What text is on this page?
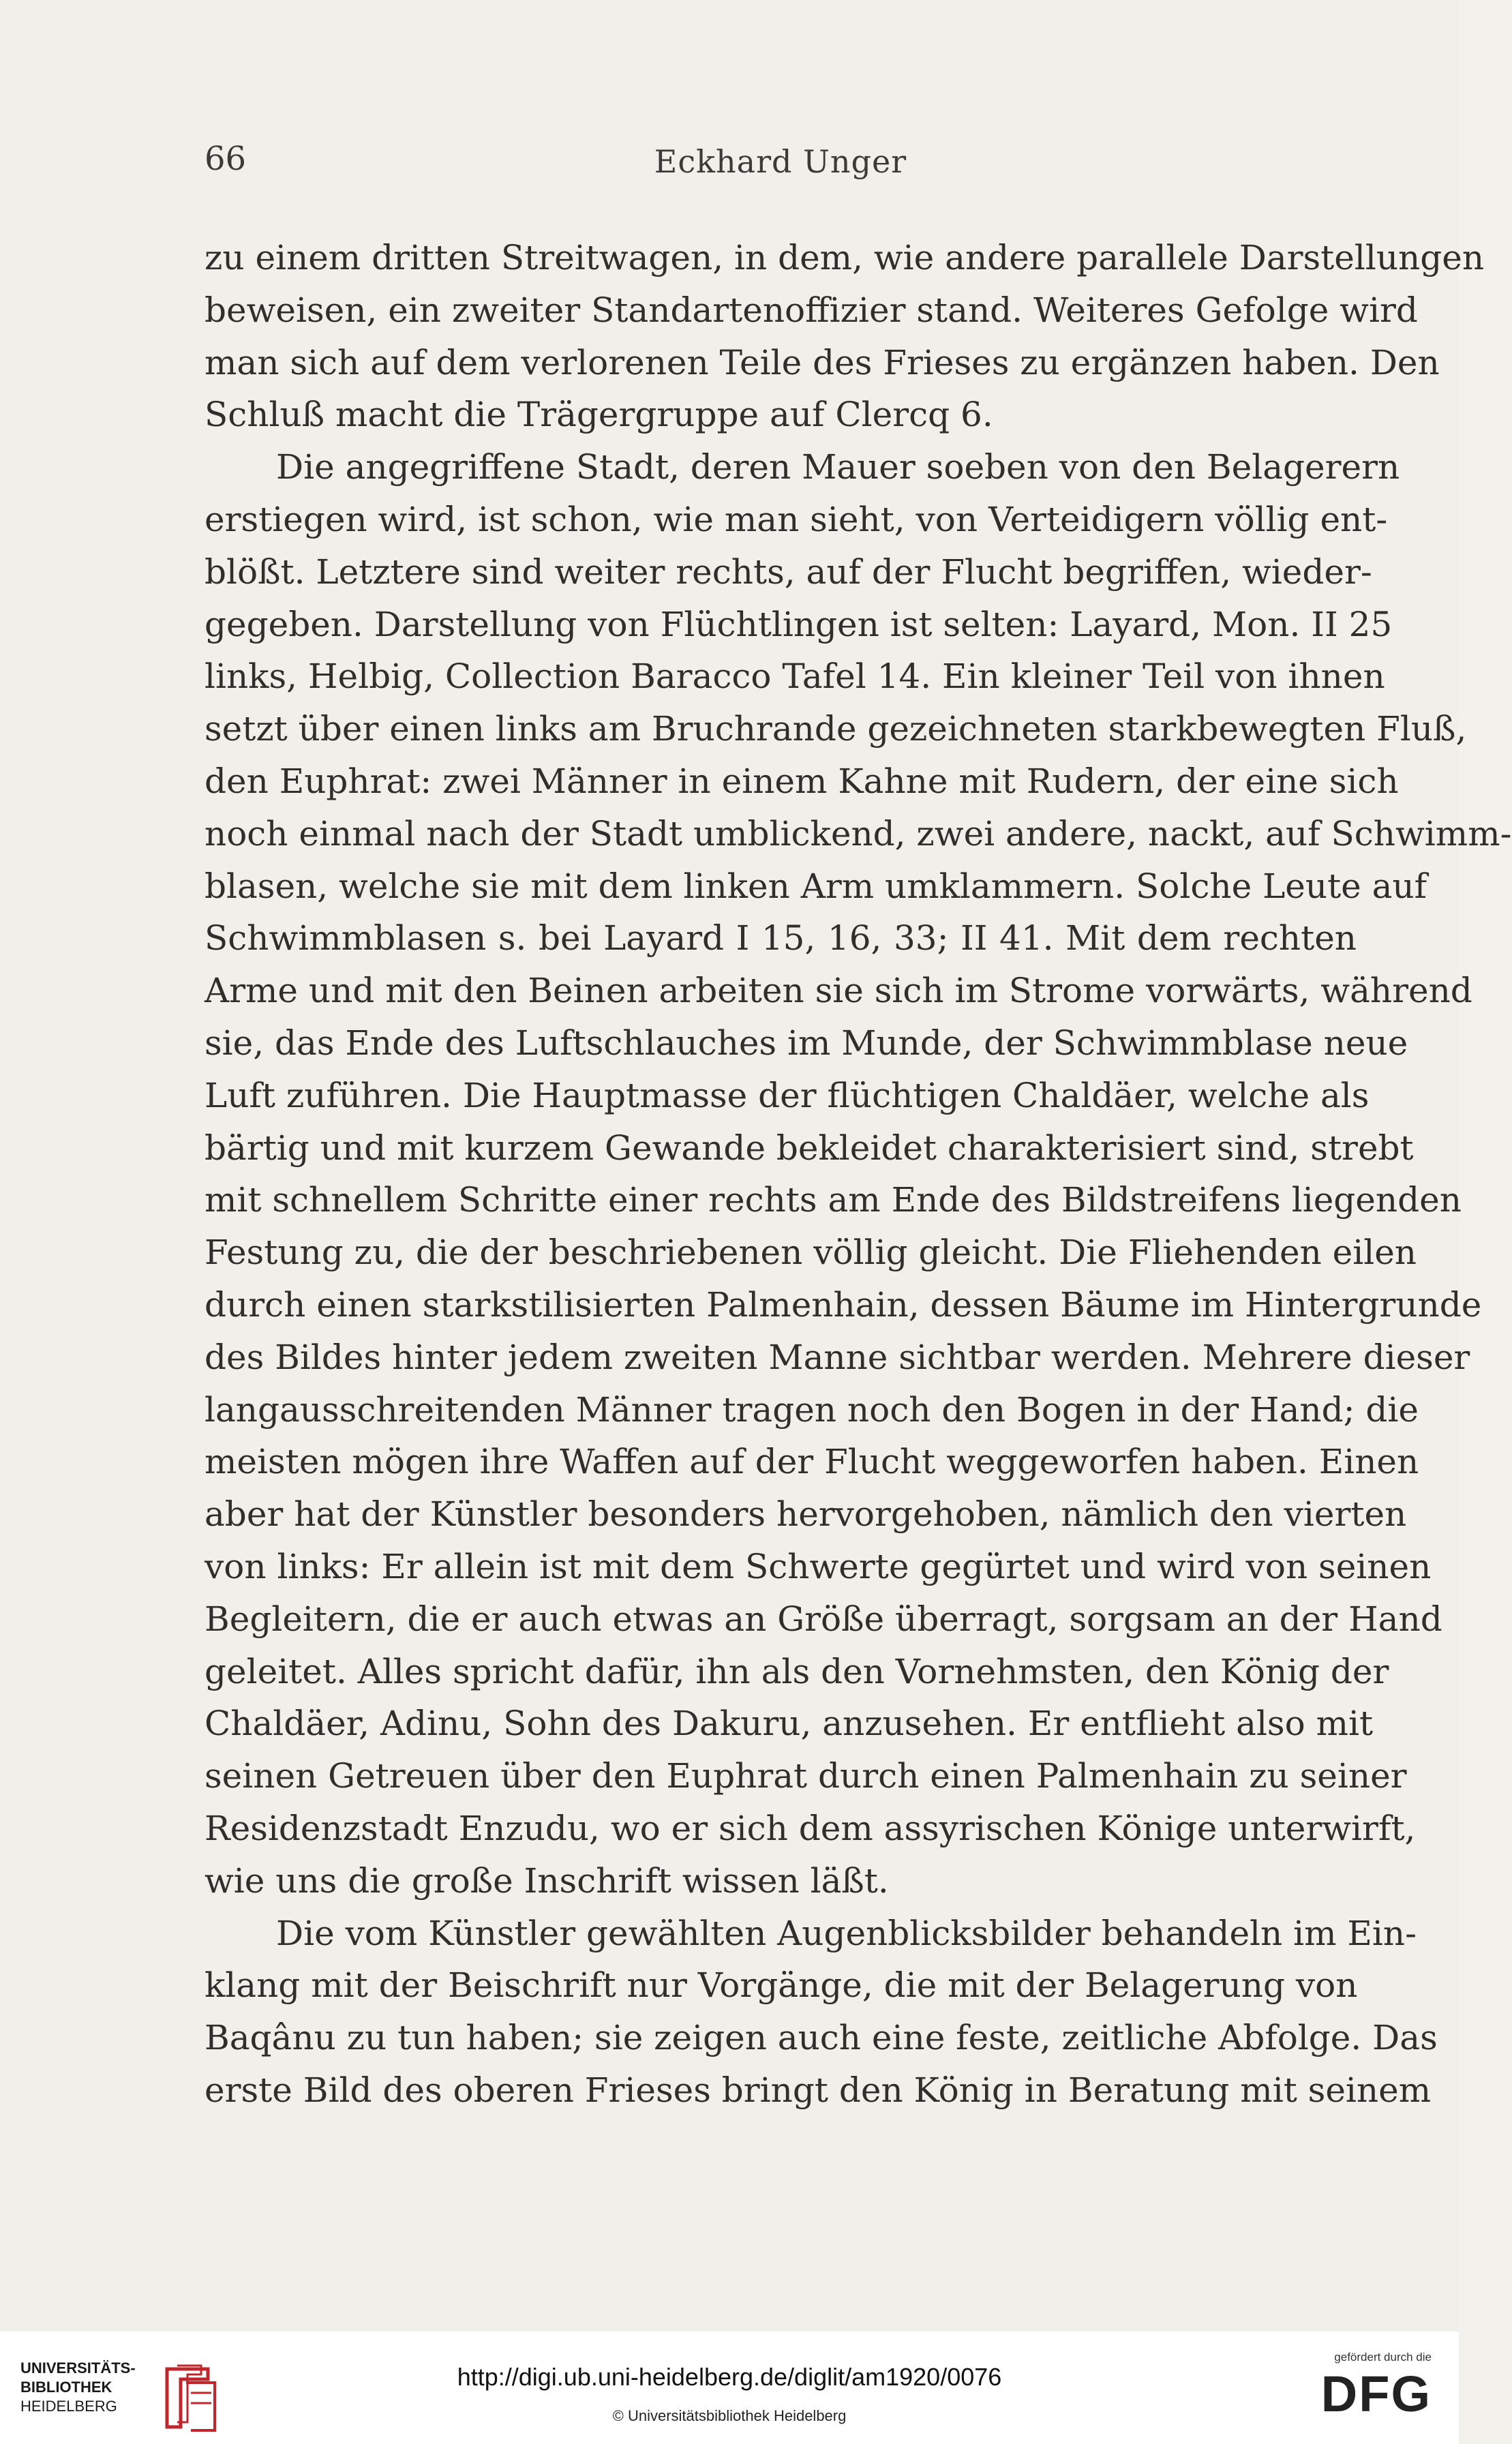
66	Eckhard Unger
zu einem dritten Streitwagen, in dem, wie andere parallele Darstellungen
beweisen, ein zweiter Standartenoffizier stand. Weiteres Gefolge wird
man sich auf dem verlorenen Teile des Frieses zu ergänzen haben. Den
Schluß macht die Trägergruppe auf Clercq 6.
Die angegriffene Stadt, deren Mauer soeben von den Belagerern
erstiegen wird, ist schon, wie man sieht, von Verteidigern völlig ent-
blößt. Letztere sind weiter rechts, auf der Flucht begriffen, wieder-
gegeben. Darstellung von Flüchtlingen ist selten: Layard, Mon. II 25
links, Helbig, Collection Baracco Tafel 14. Ein kleiner Teil von ihnen
setzt über einen links am Bruchrande gezeichneten starkbewegten Fluß,
den Euphrat: zwei Männer in einem Kahne mit Rudern, der eine sich
noch einmal nach der Stadt umblickend, zwei andere, nackt, auf Schwimm-
blasen, welche sie mit dem linken Arm umklammern. Solche Leute auf
Schwimmblasen s. bei Layard I 15, 16, 33; II 41. Mit dem rechten
Arme und mit den Beinen arbeiten sie sich im Strome vorwärts, während
sie, das Ende des Luftschlauches im Munde, der Schwimmblase neue
Luft zuführen. Die Hauptmasse der flüchtigen Chaldäer, welche als
bärtig und mit kurzem Gewande bekleidet charakterisiert sind, strebt
mit schnellem Schritte einer rechts am Ende des Bildstreifens liegenden
Festung zu, die der beschriebenen völlig gleicht. Die Fliehenden eilen
durch einen starkstilisierten Palmenhain, dessen Bäume im Hintergrunde
des Bildes hinter jedem zweiten Manne sichtbar werden. Mehrere dieser
langausschreitenden Männer tragen noch den Bogen in der Hand; die
meisten mögen ihre Waffen auf der Flucht weggeworfen haben. Einen
aber hat der Künstler besonders hervorgehoben, nämlich den vierten
von links: Er allein ist mit dem Schwerte gegürtet und wird von seinen
Begleitern, die er auch etwas an Größe überragt, sorgsam an der Hand
geleitet. Alles spricht dafür, ihn als den Vornehmsten, den König der
Chaldäer, Adinu, Sohn des Dakuru, anzusehen. Er entflieht also mit
seinen Getreuen über den Euphrat durch einen Palmenhain zu seiner
Residenzstadt Enzudu, wo er sich dem assyrischen Könige unterwirft,
wie uns die große Inschrift wissen läßt.
Die vom Künstler gewählten Augenblicksbilder behandeln im Ein-
klang mit der Beischrift nur Vorgänge, die mit der Belagerung von
Baqânu zu tun haben; sie zeigen auch eine feste, zeitliche Abfolge. Das
erste Bild des oberen Frieses bringt den König in Beratung mit seinem
UNIVERSITÄTS-
BIBLIOTHEK
HEIDELBERG
http://digi.ub.uni-heidelberg.de/diglit/am1920/0076
© Universitätsbibliothek Heidelberg
gefördert durch die
DFG
